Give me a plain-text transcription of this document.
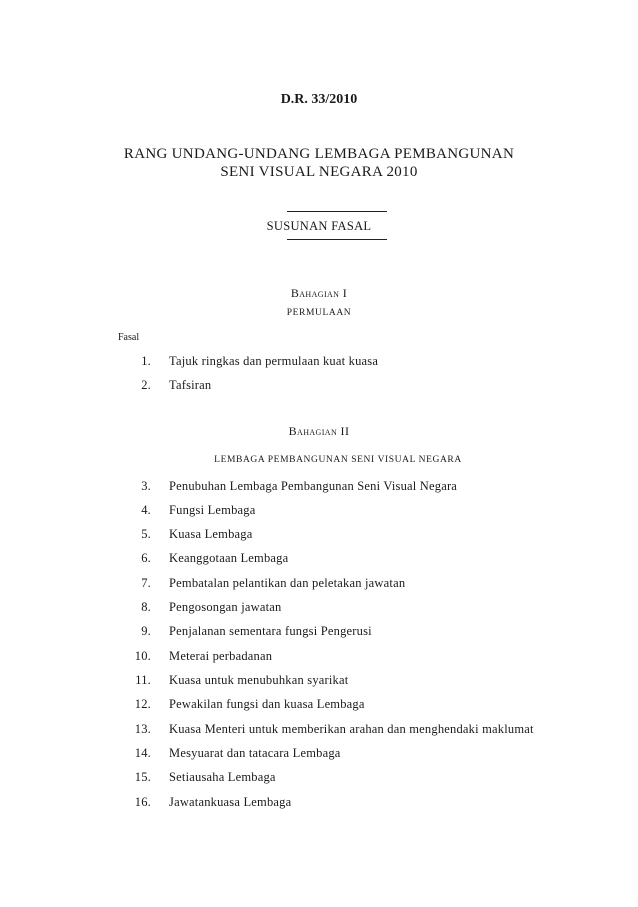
D.R. 33/2010
RANG UNDANG-UNDANG LEMBAGA PEMBANGUNAN
SENI VISUAL NEGARA 2010
SUSUNAN FASAL
Bahagian I
PERMULAAN
Fasal
1. Tajuk ringkas dan permulaan kuat kuasa
2. Tafsiran
Bahagian II
LEMBAGA PEMBANGUNAN SENI VISUAL NEGARA
3. Penubuhan Lembaga Pembangunan Seni Visual Negara
4. Fungsi Lembaga
5. Kuasa Lembaga
6. Keanggotaan Lembaga
7. Pembatalan pelantikan dan peletakan jawatan
8. Pengosongan jawatan
9. Penjalanan sementara fungsi Pengerusi
10. Meterai perbadanan
11. Kuasa untuk menubuhkan syarikat
12. Pewakilan fungsi dan kuasa Lembaga
13. Kuasa Menteri untuk memberikan arahan dan menghendaki maklumat
14. Mesyuarat dan tatacara Lembaga
15. Setiausaha Lembaga
16. Jawatankuasa Lembaga
